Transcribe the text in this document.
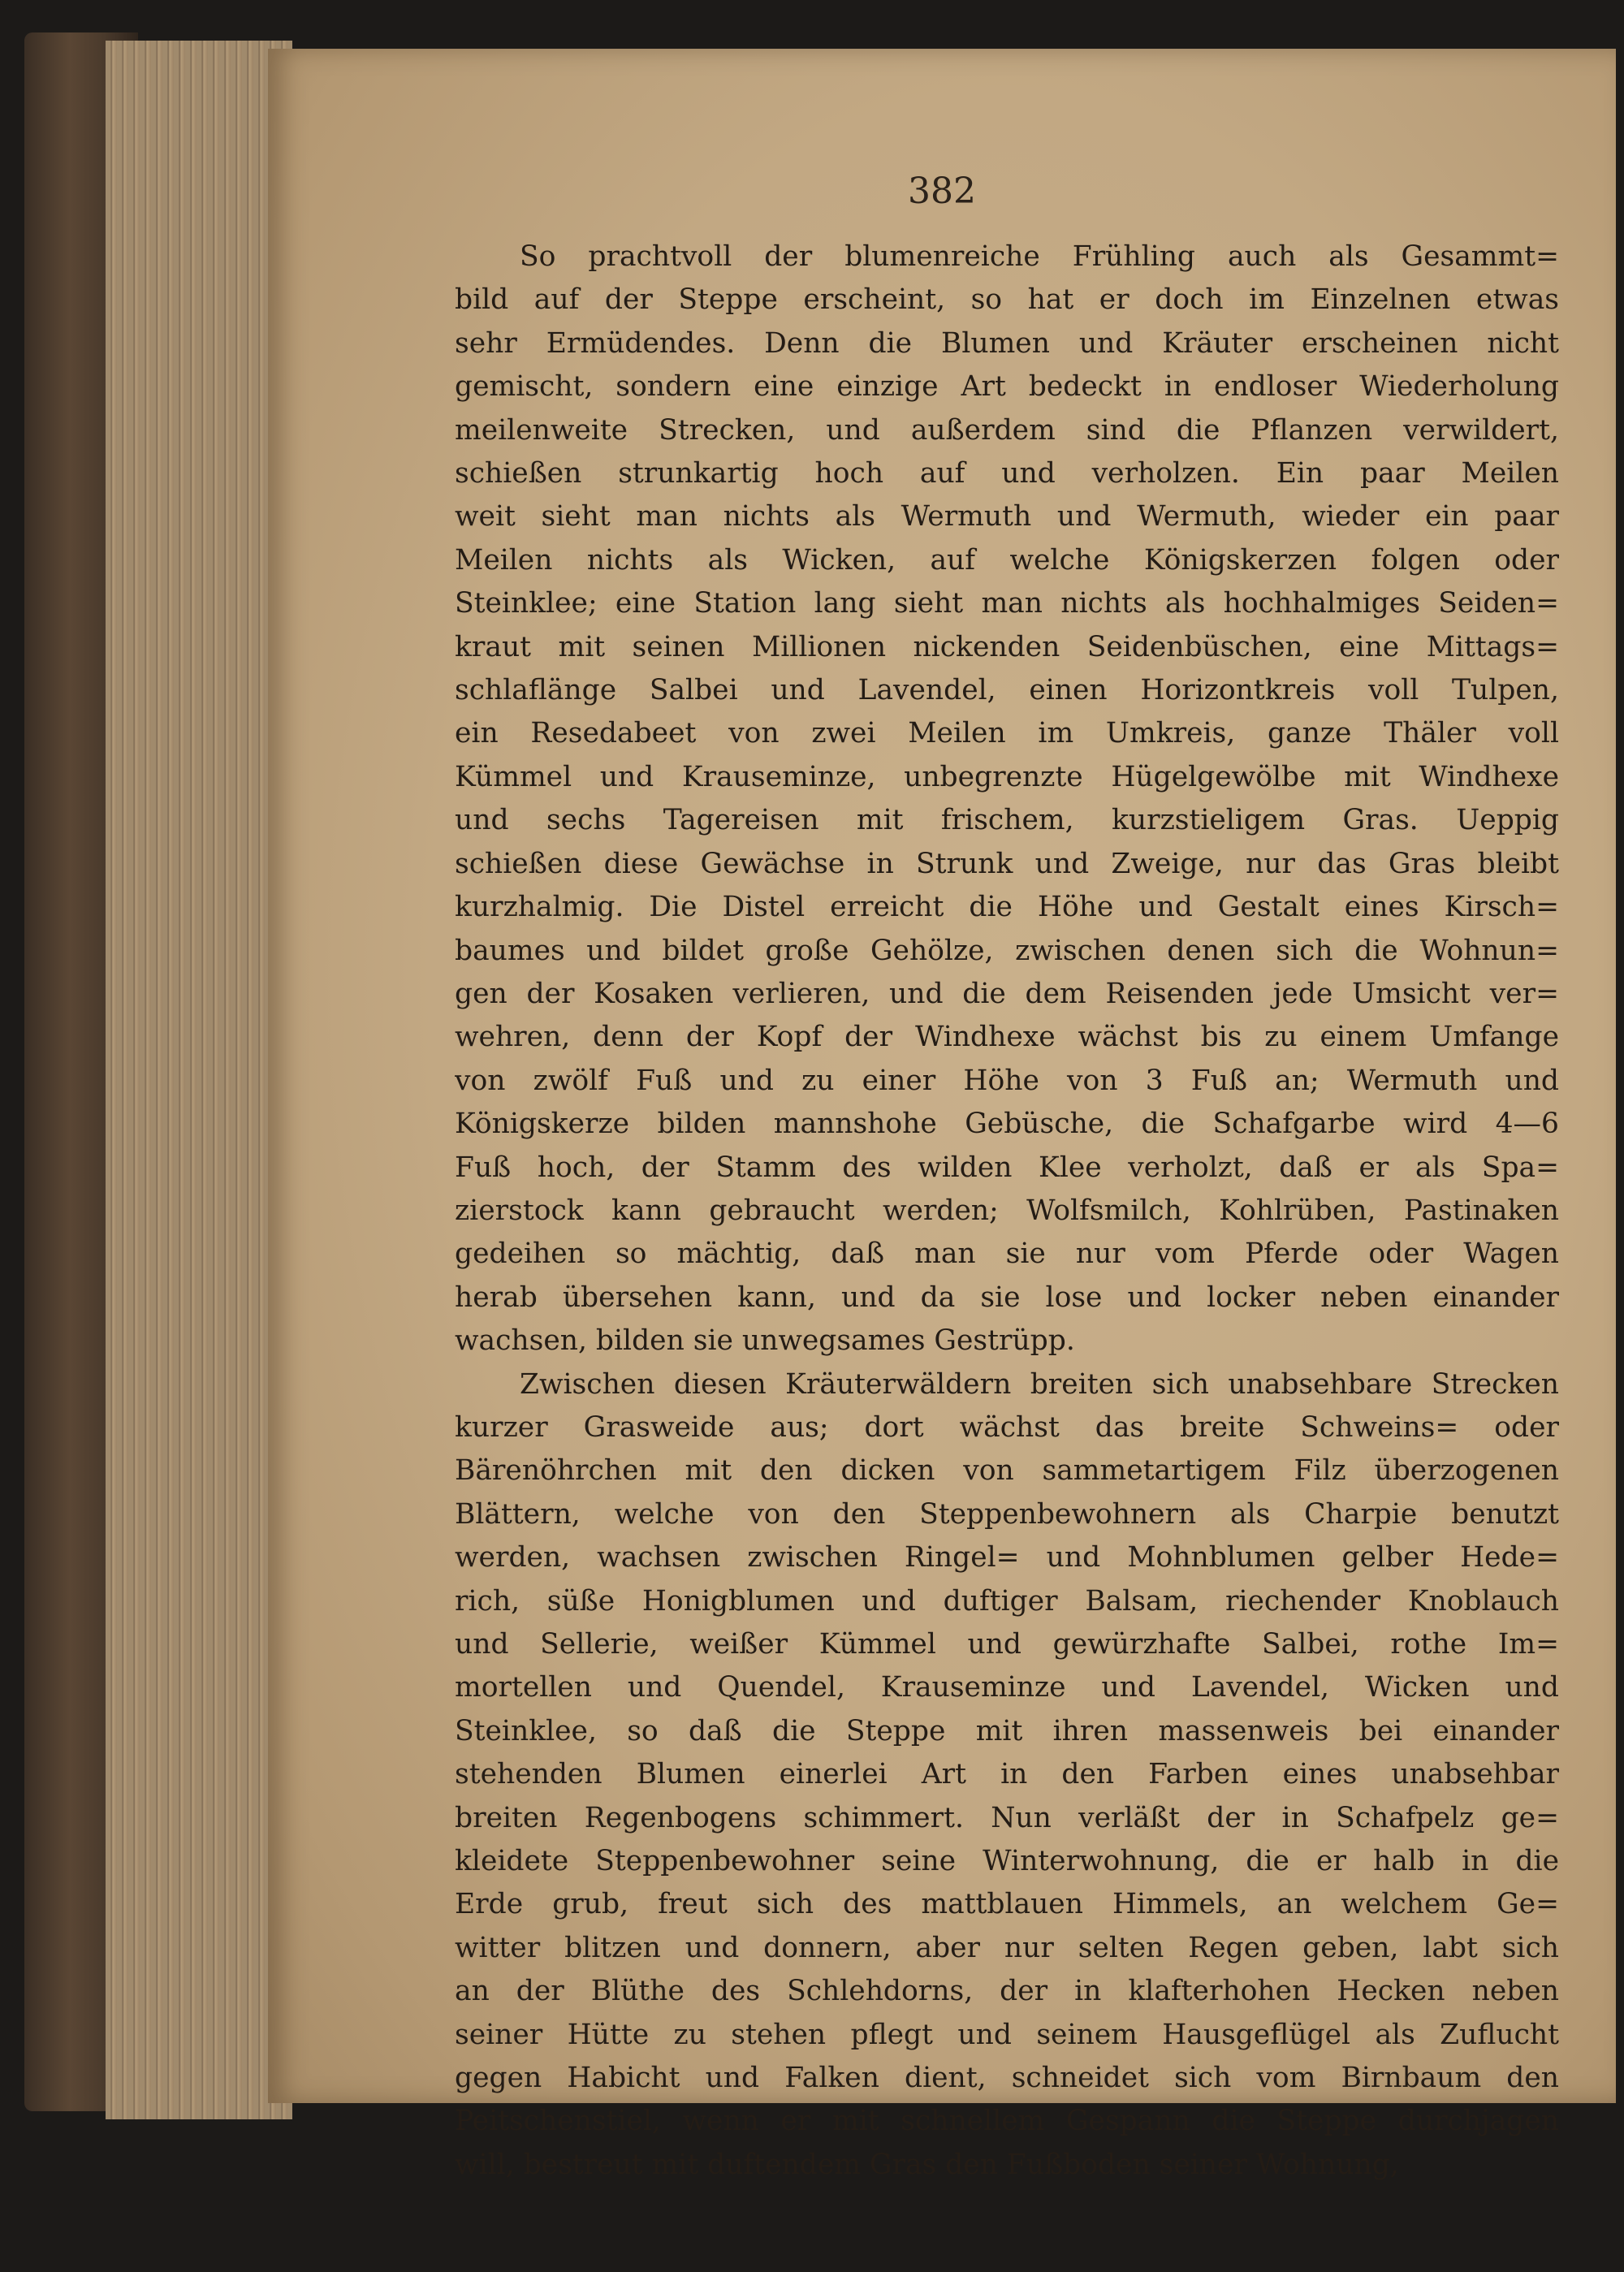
382
So prachtvoll der blumenreiche Frühling auch als Gesammt=
bild auf der Steppe erscheint, so hat er doch im Einzelnen etwas
sehr Ermüdendes. Denn die Blumen und Kräuter erscheinen nicht
gemischt, sondern eine einzige Art bedeckt in endloser Wiederholung
meilenweite Strecken, und außerdem sind die Pflanzen verwildert,
schießen strunkartig hoch auf und verholzen. Ein paar Meilen
weit sieht man nichts als Wermuth und Wermuth, wieder ein paar
Meilen nichts als Wicken, auf welche Königskerzen folgen oder
Steinklee; eine Station lang sieht man nichts als hochhalmiges Seiden=
kraut mit seinen Millionen nickenden Seidenbüschen, eine Mittags=
schlaflänge Salbei und Lavendel, einen Horizontkreis voll Tulpen,
ein Resedabeet von zwei Meilen im Umkreis, ganze Thäler voll
Kümmel und Krauseminze, unbegrenzte Hügelgewölbe mit Windhexe
und sechs Tagereisen mit frischem, kurzstieligem Gras. Ueppig
schießen diese Gewächse in Strunk und Zweige, nur das Gras bleibt
kurzhalmig. Die Distel erreicht die Höhe und Gestalt eines Kirsch=
baumes und bildet große Gehölze, zwischen denen sich die Wohnun=
gen der Kosaken verlieren, und die dem Reisenden jede Umsicht ver=
wehren, denn der Kopf der Windhexe wächst bis zu einem Umfange
von zwölf Fuß und zu einer Höhe von 3 Fuß an; Wermuth und
Königskerze bilden mannshohe Gebüsche, die Schafgarbe wird 4—6
Fuß hoch, der Stamm des wilden Klee verholzt, daß er als Spa=
zierstock kann gebraucht werden; Wolfsmilch, Kohlrüben, Pastinaken
gedeihen so mächtig, daß man sie nur vom Pferde oder Wagen
herab übersehen kann, und da sie lose und locker neben einander
wachsen, bilden sie unwegsames Gestrüpp.
Zwischen diesen Kräuterwäldern breiten sich unabsehbare Strecken
kurzer Grasweide aus; dort wächst das breite Schweins= oder
Bärenöhrchen mit den dicken von sammetartigem Filz überzogenen
Blättern, welche von den Steppenbewohnern als Charpie benutzt
werden, wachsen zwischen Ringel= und Mohnblumen gelber Hede=
rich, süße Honigblumen und duftiger Balsam, riechender Knoblauch
und Sellerie, weißer Kümmel und gewürzhafte Salbei, rothe Im=
mortellen und Quendel, Krauseminze und Lavendel, Wicken und
Steinklee, so daß die Steppe mit ihren massenweis bei einander
stehenden Blumen einerlei Art in den Farben eines unabsehbar
breiten Regenbogens schimmert. Nun verläßt der in Schafpelz ge=
kleidete Steppenbewohner seine Winterwohnung, die er halb in die
Erde grub, freut sich des mattblauen Himmels, an welchem Ge=
witter blitzen und donnern, aber nur selten Regen geben, labt sich
an der Blüthe des Schlehdorns, der in klafterhohen Hecken neben
seiner Hütte zu stehen pflegt und seinem Hausgeflügel als Zuflucht
gegen Habicht und Falken dient, schneidet sich vom Birnbaum den
Peitschenstiel, wenn er mit schnellem Gespann die Steppe durchjagen
will, bestreut mit duftendem Gras den Fußboden seiner Wohnung,
